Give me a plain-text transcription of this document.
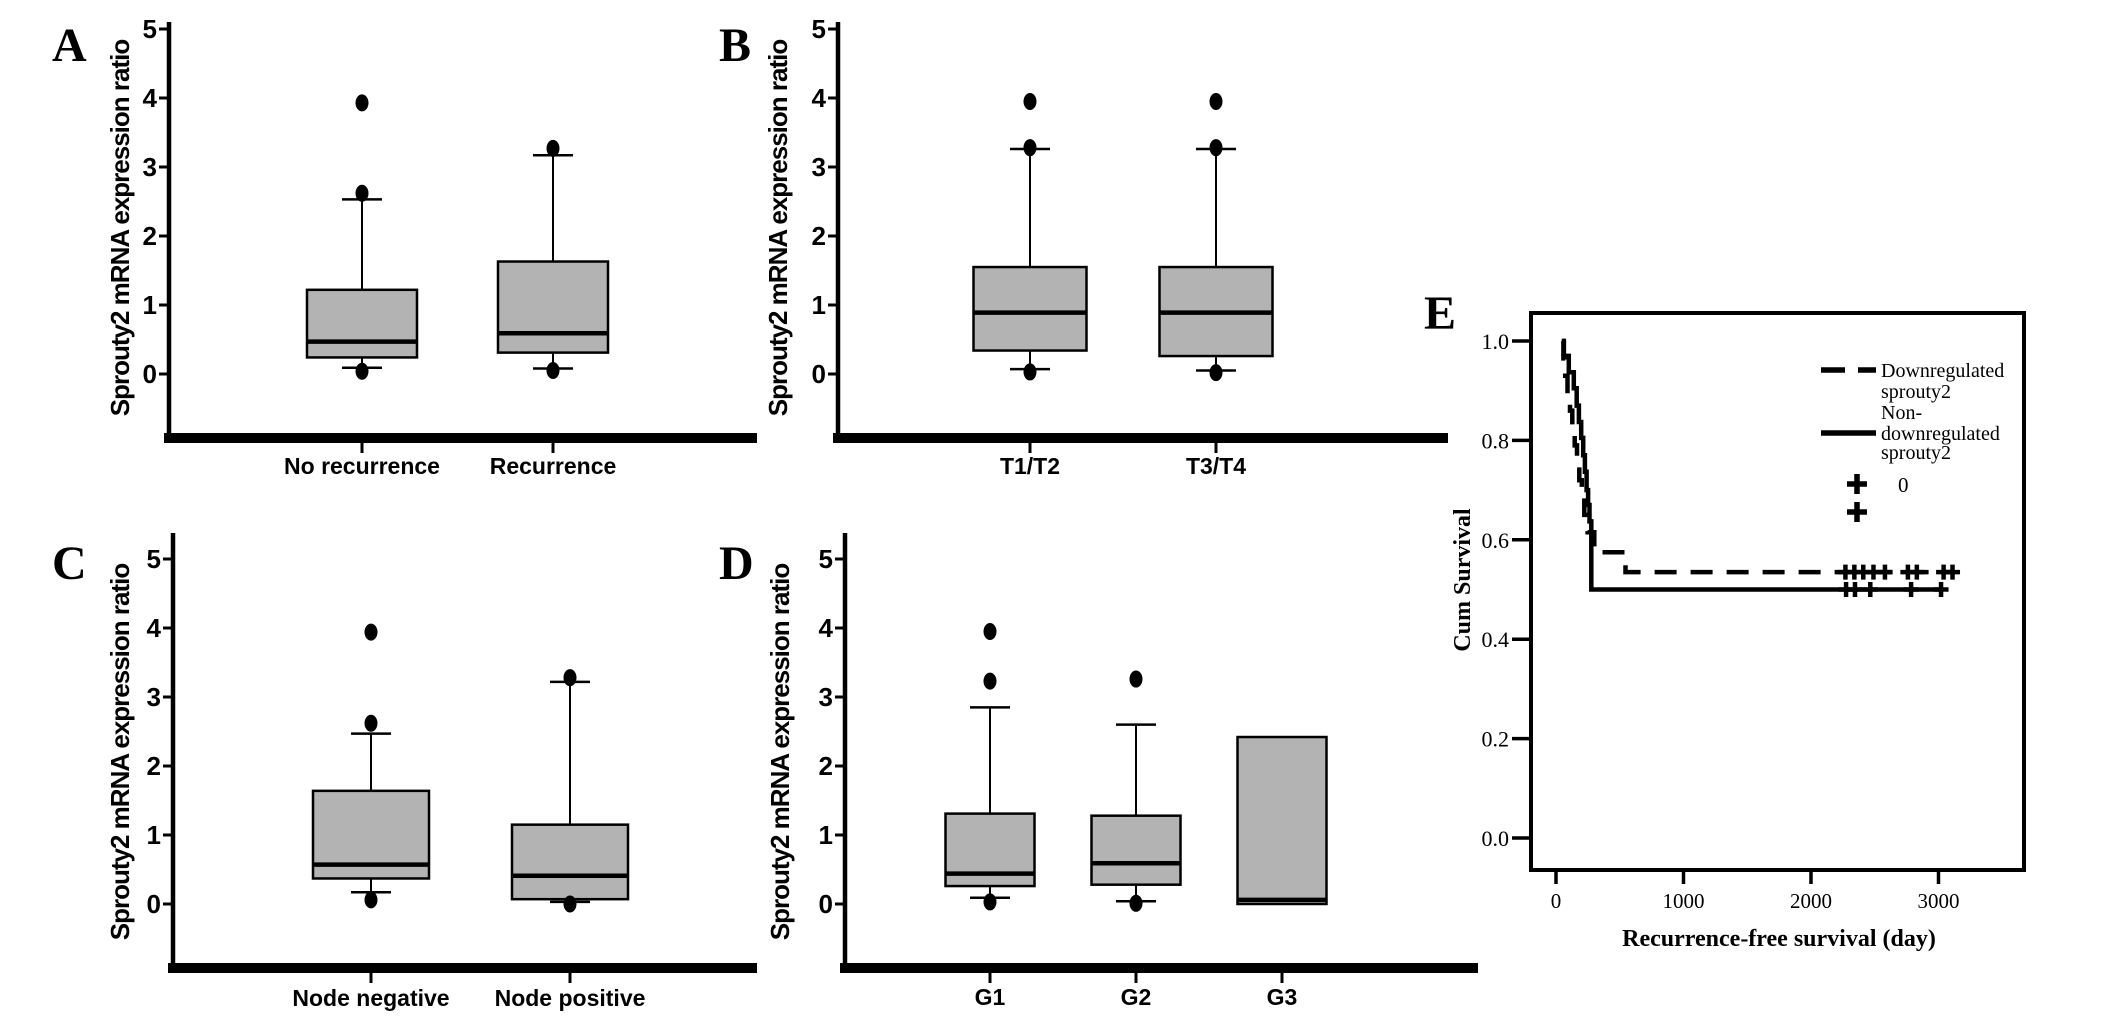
0
1
2
3
4
5
Sprouty2 mRNA expression ratio
No recurrence Recurrence
0
1
2
3
4
5
Sprouty2 mRNA expression ratio
T1/T2	T3/T4
0
1
2
3
4
5
Sprouty2 mRNA expression ratio
Node negative Node positive
0
1
2
3
4
5
Sprouty2 mRNA expression ratio
G1	G2	G3
0.0
0.2
0.4
0.6
0.8
1.0
0	1000	2000	3000
Cum Survival
Recurrence-free survival (day)
Downregulated
sprouty2
Non-
downregulated
sprouty2
0
A	B
C	D
E
